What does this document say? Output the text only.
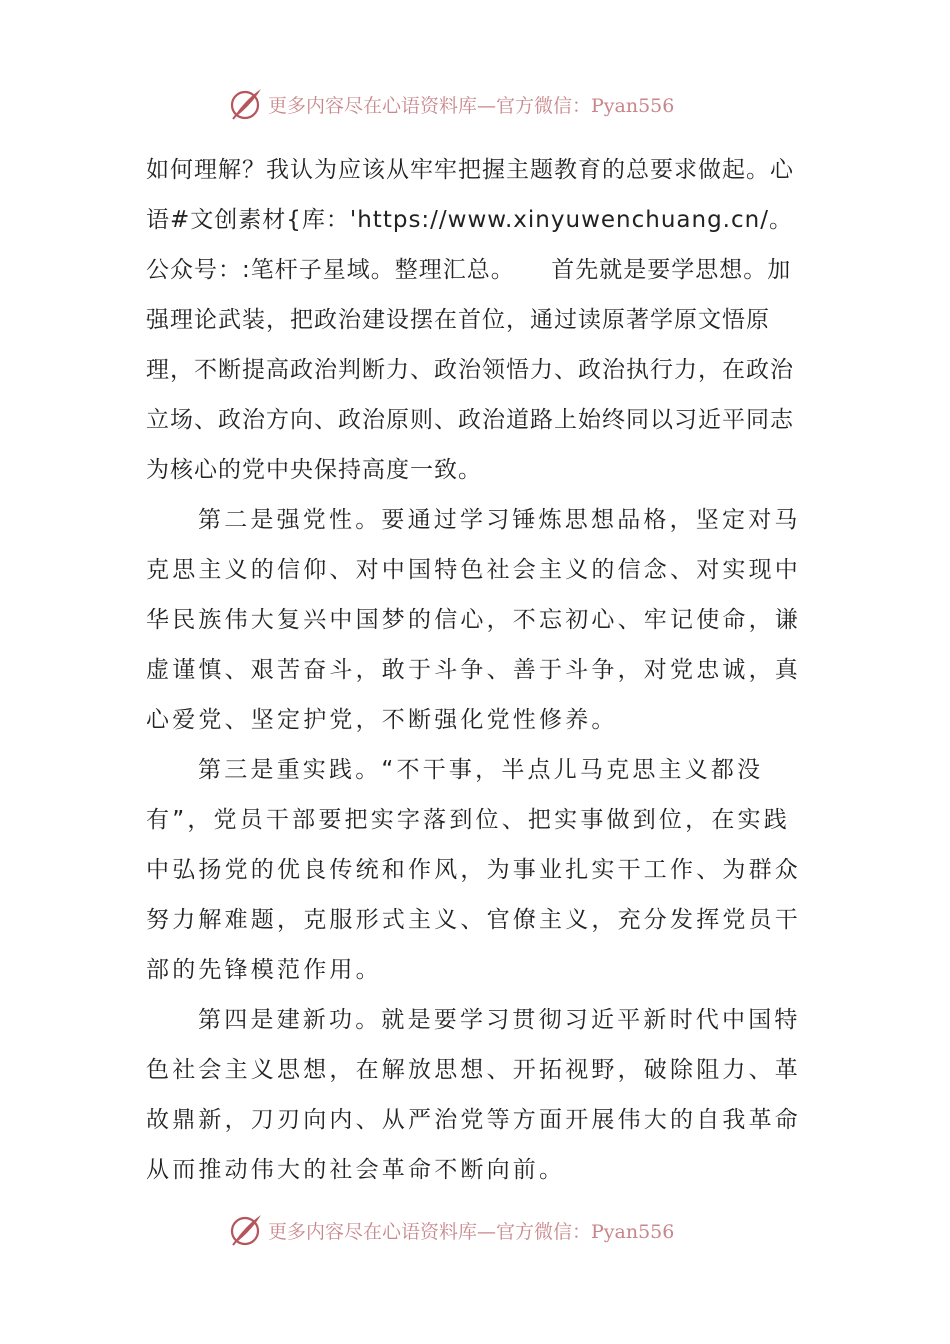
更多内容尽在心语资料库—官方微信：Pyan556

如何理解？我认为应该从牢牢把握主题教育的总要求做起。心语#文创素材{库：'https://www.xinyuwenchuang.cn/。公众号：:笔杆子星域。整理汇总。　　首先就是要学思想。加强理论武装，把政治建设摆在首位，通过读原著学原文悟原理，不断提高政治判断力、政治领悟力、政治执行力，在政治立场、政治方向、政治原则、政治道路上始终同以习近平同志为核心的党中央保持高度一致。

第二是强党性。要通过学习锤炼思想品格，坚定对马克思主义的信仰、对中国特色社会主义的信念、对实现中华民族伟大复兴中国梦的信心，不忘初心、牢记使命，谦虚谨慎、艰苦奋斗，敢于斗争、善于斗争，对党忠诚，真心爱党、坚定护党，不断强化党性修养。

第三是重实践。“不干事，半点儿马克思主义都没有”，党员干部要把实字落到位、把实事做到位，在实践中弘扬党的优良传统和作风，为事业扎实干工作、为群众努力解难题，克服形式主义、官僚主义，充分发挥党员干部的先锋模范作用。

第四是建新功。就是要学习贯彻习近平新时代中国特色社会主义思想，在解放思想、开拓视野，破除阻力、革故鼎新，刀刃向内、从严治党等方面开展伟大的自我革命从而推动伟大的社会革命不断向前。

更多内容尽在心语资料库—官方微信：Pyan556
